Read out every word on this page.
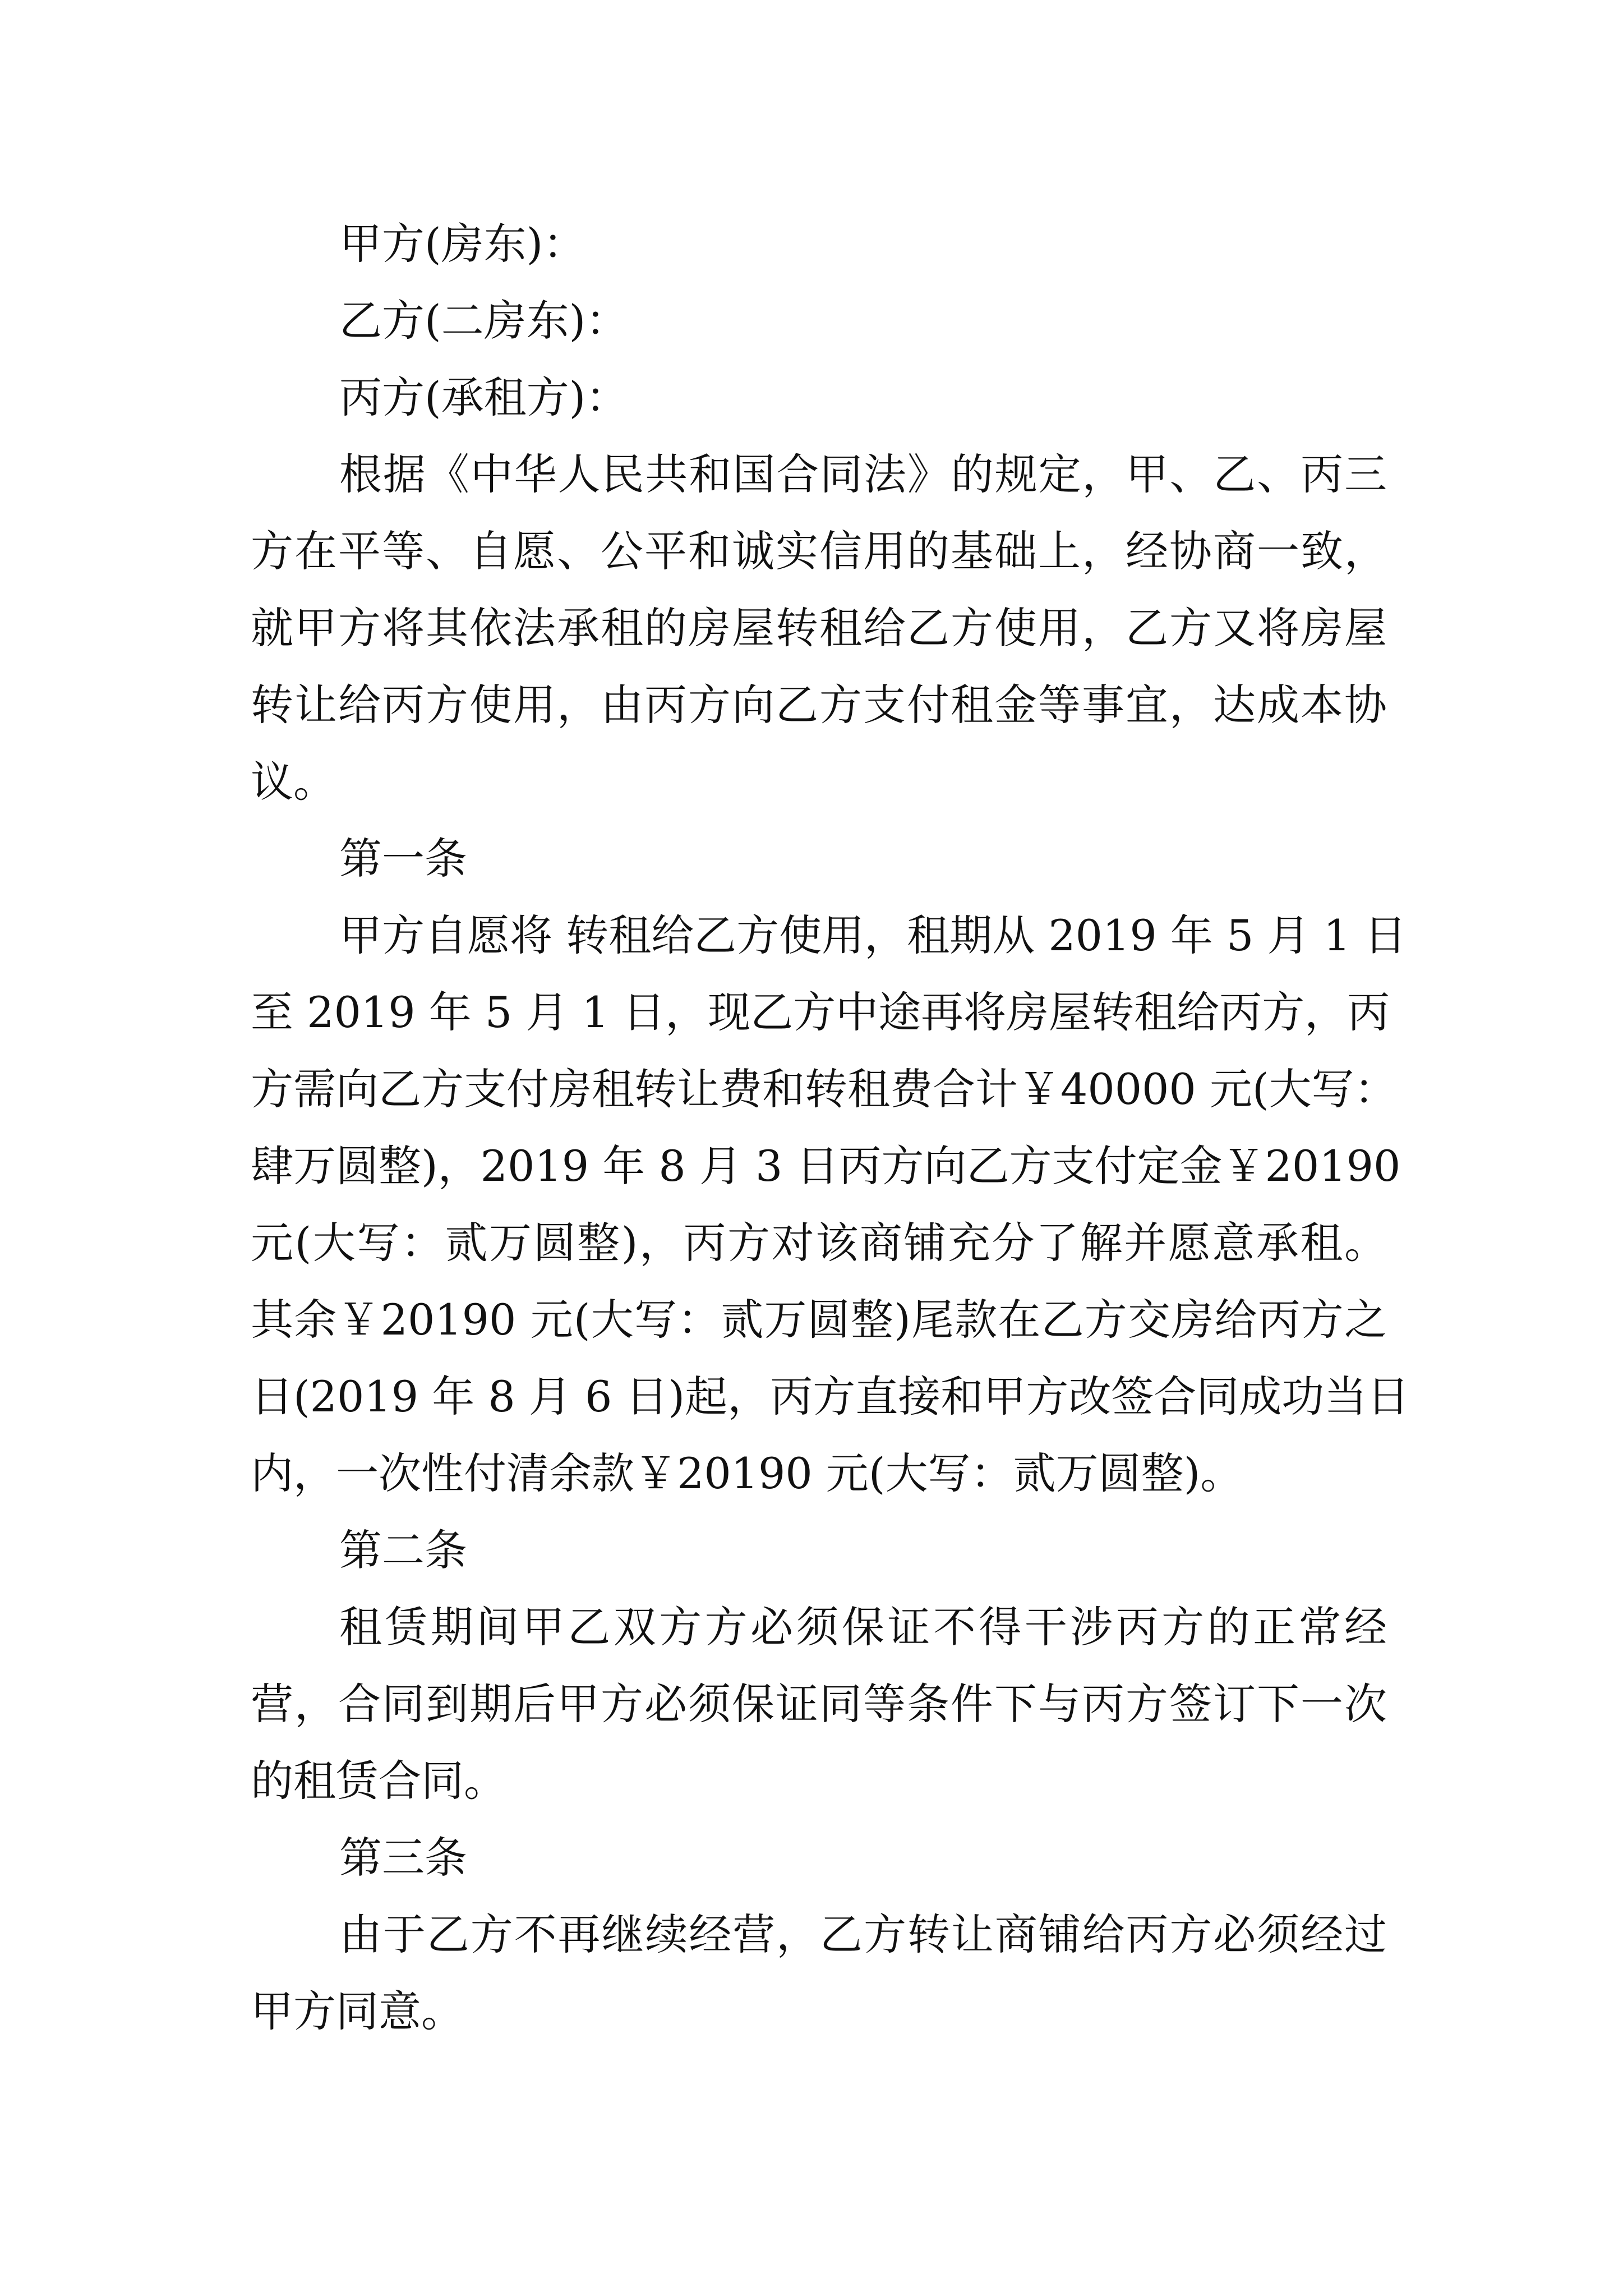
甲方(房东)：
乙方(二房东)：
丙方(承租方)：
根据《中华人民共和国合同法》的规定，甲、乙、丙三
方在平等、自愿、公平和诚实信用的基础上，经协商一致，
就甲方将其依法承租的房屋转租给乙方使用，乙方又将房屋
转让给丙方使用，由丙方向乙方支付租金等事宜，达成本协
议。
第一条
甲方自愿将 转租给乙方使用，租期从 2019 年 5 月 1 日
至 2019 年 5 月 1 日，现乙方中途再将房屋转租给丙方，丙
方需向乙方支付房租转让费和转租费合计￥40000 元(大写：
肆万圆整)，2019 年 8 月 3 日丙方向乙方支付定金￥20190
元(大写：贰万圆整)，丙方对该商铺充分了解并愿意承租。
其余￥20190 元(大写：贰万圆整)尾款在乙方交房给丙方之
日(2019 年 8 月 6 日)起，丙方直接和甲方改签合同成功当日
内，一次性付清余款￥20190 元(大写：贰万圆整)。
第二条
租赁期间甲乙双方方必须保证不得干涉丙方的正常经
营，合同到期后甲方必须保证同等条件下与丙方签订下一次
的租赁合同。
第三条
由于乙方不再继续经营，乙方转让商铺给丙方必须经过
甲方同意。
